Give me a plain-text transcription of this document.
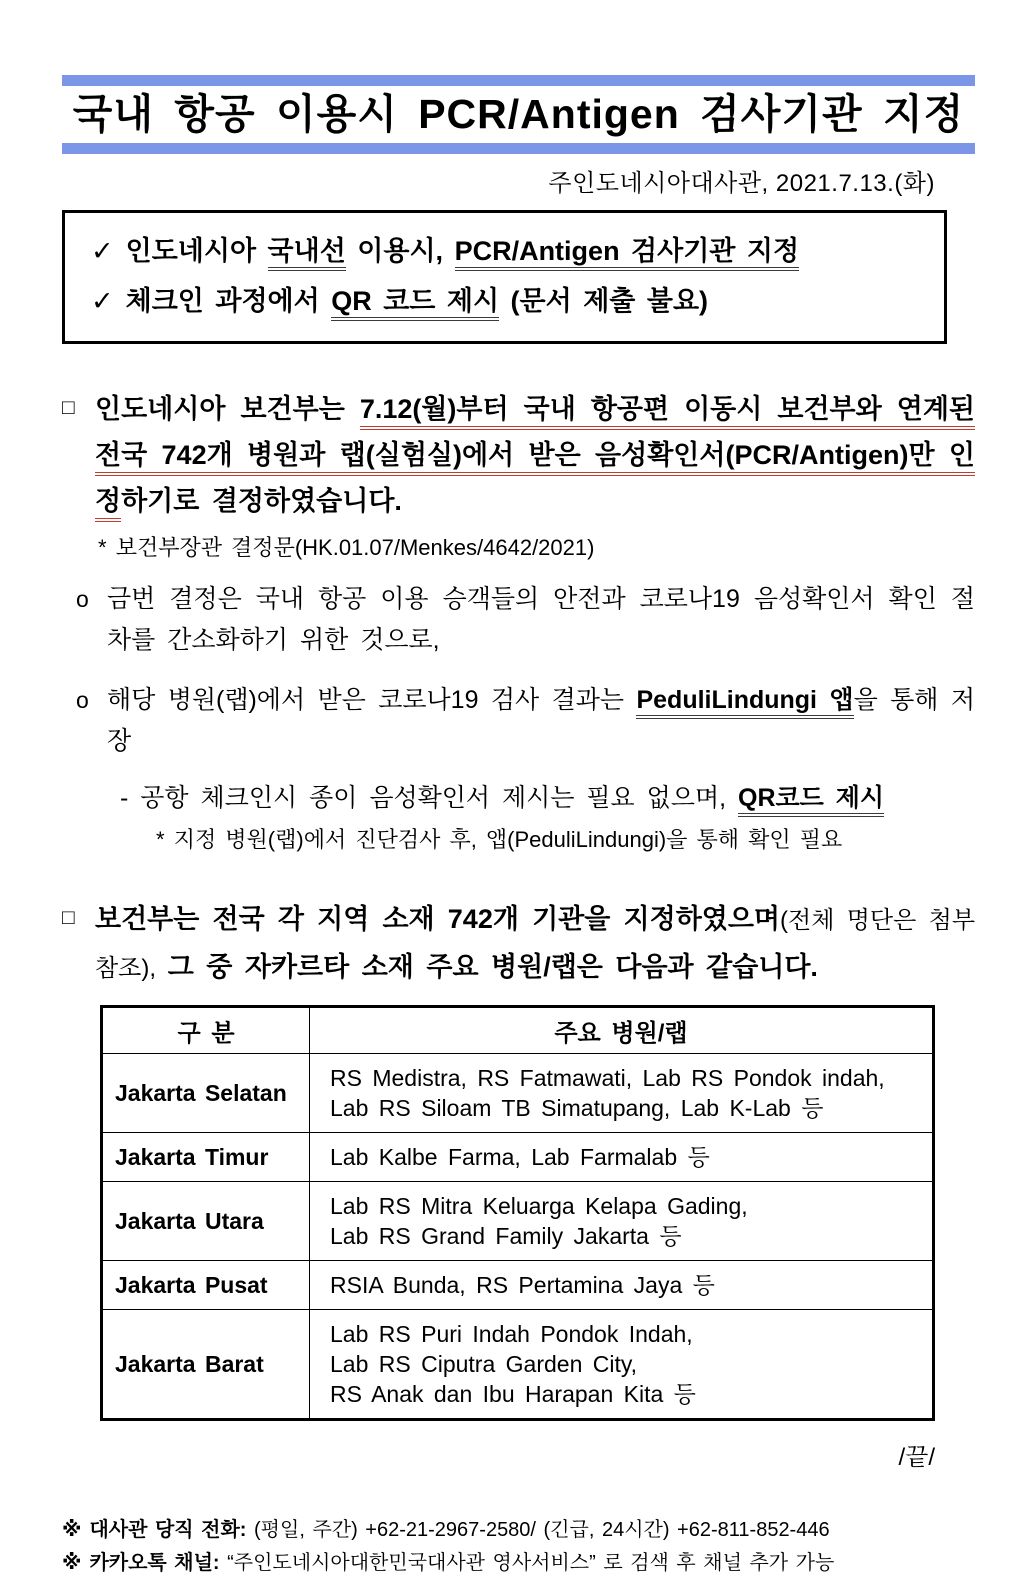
국내 항공 이용시 PCR/Antigen 검사기관 지정
주인도네시아대사관, 2021.7.13.(화)
✓ 인도네시아 국내선 이용시, PCR/Antigen 검사기관 지정
✓ 체크인 과정에서 QR 코드 제시 (문서 제출 불요)
□ 인도네시아 보건부는 7.12(월)부터 국내 항공편 이동시 보건부와 연계된 전국 742개 병원과 랩(실험실)에서 받은 음성확인서(PCR/Antigen)만 인정하기로 결정하였습니다.
* 보건부장관 결정문(HK.01.07/Menkes/4642/2021)
o 금번 결정은 국내 항공 이용 승객들의 안전과 코로나19 음성확인서 확인 절차를 간소화하기 위한 것으로,
o 해당 병원(랩)에서 받은 코로나19 검사 결과는 PeduliLindungi 앱을 통해 저장
- 공항 체크인시 종이 음성확인서 제시는 필요 없으며, QR코드 제시
* 지정 병원(랩)에서 진단검사 후, 앱(PeduliLindungi)을 통해 확인 필요
□ 보건부는 전국 각 지역 소재 742개 기관을 지정하였으며(전체 명단은 첨부 참조), 그 중 자카르타 소재 주요 병원/랩은 다음과 같습니다.
구 분	주요 병원/랩
Jakarta Selatan	RS Medistra, RS Fatmawati, Lab RS Pondok indah,
Lab RS Siloam TB Simatupang, Lab K-Lab 등

Jakarta Timur	Lab Kalbe Farma, Lab Farmalab 등

Jakarta Utara	Lab RS Mitra Keluarga Kelapa Gading,
Lab RS Grand Family Jakarta 등

Jakarta Pusat	RSIA Bunda, RS Pertamina Jaya 등

Jakarta Barat	Lab RS Puri Indah Pondok Indah,
Lab RS Ciputra Garden City,
RS Anak dan Ibu Harapan Kita 등
/끝/
※ 대사관 당직 전화: (평일, 주간) +62-21-2967-2580/ (긴급, 24시간) +62-811-852-446
※ 카카오톡 채널: “주인도네시아대한민국대사관 영사서비스” 로 검색 후 채널 추가 가능
